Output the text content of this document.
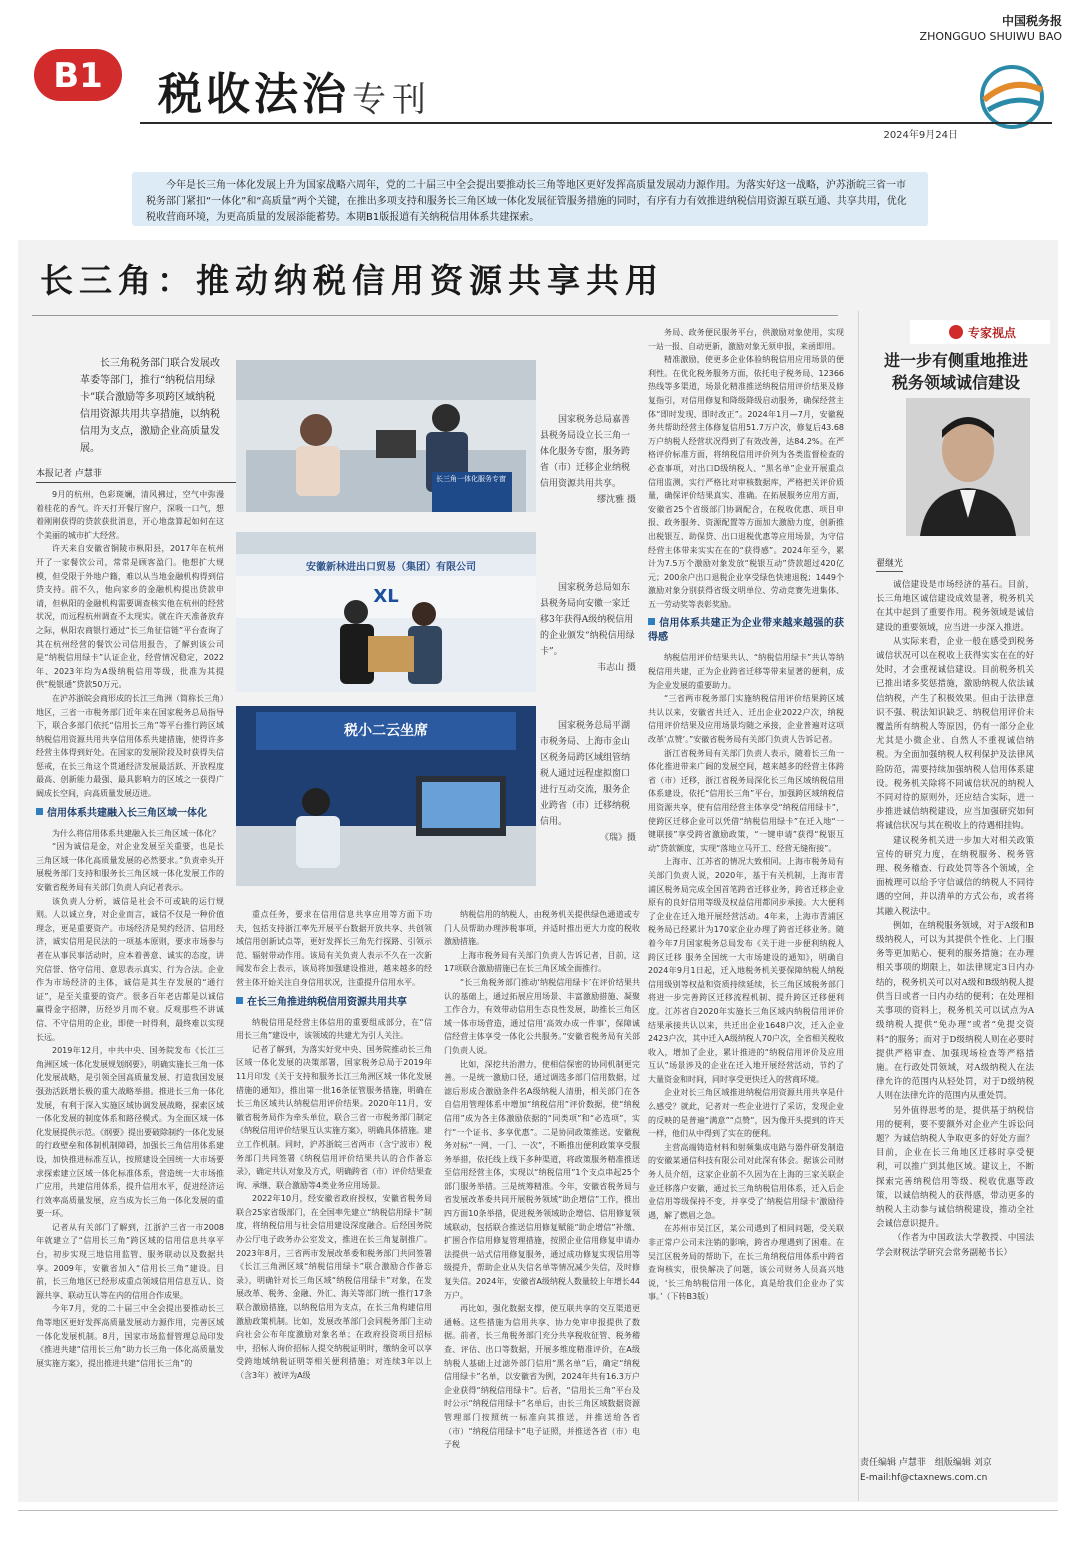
中国税务报
ZHONGGUO SHUIWU BAO
B1 税收法治 专刊
2024年9月24日
今年是长三角一体化发展上升为国家战略六周年，党的二十届三中全会提出要推动长三角等地区更好发挥高质量发展动力源作用。为落实好这一战略，沪苏浙皖三省一市税务部门紧扣“一体化”和“高质量”两个关键，在推出多项支持和服务长三角区域一体化发展征管服务措施的同时，有序有力有效推进纳税信用资源互联互通、共享共用，优化税收营商环境，为更高质量的发展添能蓄势。本期B1版报道有关纳税信用体系共建探索。
长三角：推动纳税信用资源共享共用
长三角税务部门联合发展改革委等部门，推行“纳税信用绿卡”联合激励等多项跨区域纳税信用资源共用共享措施，以纳税信用为支点，激励企业高质量发展。
本报记者 卢慧菲	长三角一体化服务专窗
国家税务总局嘉善县税务局设立长三角一体化服务专窗，服务跨省（市）迁移企业纳税信用资源共用共享。
缪沈雅 摄
XL
安徽新林进出口贸易（集团）有限公司
国家税务总局如东县税务局向安徽一家迁移3年获得A级纳税信用的企业颁发“纳税信用绿卡”。
韦志山 摄
税小二云坐席	国家税务总局平湖市税务局、上海市金山区税务局跨区域组管纳税人通过远程虚拟窗口进行互动交流，服务企业跨省（市）迁移纳税信用。
《瑞》摄

9月的杭州，色彩斑斓，清风拂过，空气中弥漫着桂花的香气。许天打开餐厅窗户，深吸一口气，想着刚刚获得的贷款获批消息，开心地盘算起如何在这个美丽的城市扩大经营。

许天来自安徽省铜陵市枞阳县，2017年在杭州开了一家餐饮公司，常常是顾客盈门。他想扩大规模，但受限于外地户籍，难以从当地金融机构得到信贷支持。前不久，他向家乡的金融机构提出贷款申请，但枞阳的金融机构需要调查核实他在杭州的经营状况，而远程杭州调查不太现实。就在许天准备放弃之际，枞阳农商银行通过“长三角征信链”平台查询了其在杭州经营的餐饮公司信用报告，了解到该公司是“纳税信用绿卡”认证企业，经营情况稳定，2022年、2023年均为A级纳税信用等级，批准为其提供“税银通”贷款50万元。

在沪苏浙皖会商形成的长江三角洲（简称长三角）地区，三省一市税务部门近年来在国家税务总局指导下，联合多部门依托“信用长三角”等平台推行跨区域纳税信用资源共用共享信用体系共建措施，使得许多经营主体得到好处。在国家的发展阶段及时获得失信惩戒，在长三角这个贯通经济发展最活跃、开放程度最高、创新能力最强、最具影响力的区域之一获得广阔成长空间，向高质量发展迈进。

信用体系共建融入长三角区域一体化

为什么将信用体系共建融入长三角区域一体化？

“因为诚信是金，对企业发展至关重要，也是长三角区域一体化高质量发展的必然要求。”负责牵头开展税务部门支持和服务长三角区域一体化发展工作的安徽省税务局有关部门负责人向记者表示。

该负责人分析，诚信是社会不可或缺的运行规则。人以诚立身，对企业而言，诚信不仅是一种价值理念，更是重要资产。市场经济是契约经济、信用经济，诚实信用是民法的一项基本原则，要求市场参与者在从事民事活动时，应本着善意、诚实的态度，讲究信誉、恪守信用、意思表示真实、行为合法。企业作为市场经济的主体，诚信是其生存发展的“通行证”，是至关重要的资产。很多百年老店都是以诚信赢得金字招牌，历经岁月而不衰。反观那些不讲诚信、不守信用的企业，即使一时得利，最终难以实现长远。

2019年12月，中共中央、国务院发布《长江三角洲区域一体化发展规划纲要》，明确实施长三角一体化发展战略，是引领全国高质量发展、打造我国发展强劲活跃增长极的重大战略举措。推进长三角一体化发展，有利于深入实施区域协调发展战略，探索区域一体化发展的制度体系和路径模式。为全面区域一体化发展提供示范。《纲要》提出要破除制约一体化发展的行政壁垒和体制机制障碍，加强长三角信用体系建设，加快推进标准互认，按照建设全国统一大市场要求探索建立区域一体化标准体系，营造统一大市场推广应用，共建信用体系，提升信用水平，促进经济运行效率高质量发展，应当成为长三角一体化发展的重要一环。

记者从有关部门了解到，江浙沪三省一市2008年就建立了“信用长三角”跨区域的信用信息共享平台，初步实现三地信用监管、服务联动以及数据共享。2009年，安徽省加入“信用长三角”建设。目前，长三角地区已经形成重点领域信用信息互认、资源共享、联动互认等在内的信用合作成果。

今年7月，党的二十届三中全会提出要推动长三角等地区更好发挥高质量发展动力源作用，完善区域一体化发展机制。8月，国家市场监督管理总局印发《推进共建“信用长三角”助力长三角一体化高质量发展实施方案》，提出推进共建“信用长三角”的

重点任务，要求在信用信息共享应用等方面下功夫，包括支持浙江率先开展平台数据开放共享、共创领域信用创新试点等，更好发挥长三角先行探路、引领示范、辐射带动作用。该局有关负责人表示不久在一次新闻发布会上表示，该局将加强建设推进，越来越多的经营主体开始关注自身信用状况，注重提升信用水平。

在长三角推进纳税信用资源共用共享

纳税信用是经营主体信用的重要组成部分，在“信用长三角”建设中，该领域的共建尤为引人关注。

记者了解到，为落实好党中央、国务院推动长三角区域一体化发展的决策部署，国家税务总局于2019年11月印发《关于支持和服务长江三角洲区域一体化发展措施的通知》，推出第一批16条征管服务措施，明确在长三角区域共认纳税信用评价结果。2020年11月，安徽省税务局作为牵头单位，联合三省一市税务部门制定《纳税信用评价结果互认实施方案》，明确具体措施。建立工作机制。同时，沪苏浙皖三省两市（含宁波市）税务部门共同签署《纳税信用评价结果共认的合作备忘录》，确定共认对象及方式，明确跨省（市）评价结果查询、承继、联合激励等4类业务应用场景。

2022年10月，经安徽省政府授权，安徽省税务局联合25家省级部门，在全国率先建立“纳税信用绿卡”制度，将纳税信用与社会信用建设深度融合。后经国务院办公厅电子政务办公室发文，推进在长三角复制推广。2023年8月，三省两市发展改革委和税务部门共同签署《长江三角洲区域“纳税信用绿卡”联合激励合作备忘录》，明确针对长三角区域“纳税信用绿卡”对象，在发展改革、税务、金融、外汇、海关等部门统一推行17条联合激励措施，以纳税信用为支点，在长三角构建信用激励政策机制。比如，发展改革部门会同税务部门主动向社会公布年度激励对象名单；在政府投资项目招标中，招标人询价招标人提交纳税证明时，缴纳金可以享受跨地域纳税证明等相关便利措施；对连续3年以上（含3年）被评为A级

纳税信用的纳税人，由税务机关提供绿色通道或专门人员帮助办理涉税事项，并适时推出更大力度的税收激励措施。

上海市税务局有关部门负责人告诉记者，目前，这17项联合激励措施已在长三角区域全面推行。

“长三角税务部门推动‘纳税信用绿卡’在评价结果共认的基础上，通过拓展应用场景、丰富激励措施、凝聚工作合力，有效带动信用生态良性发展，助推长三角区域一体市场营造，通过信用‘高效办成一件事’，保障诚信经营主体享受一体化公共服务。”安徽省税务局有关部门负责人说。

比如，深挖共治潜力，使相信保密的协同机制更完善。一是统一激励口径，通过调选多部门信用数据，过滤后形成合激励条件名A级纳税人清册，相关部门在各自信用管理体系中增加“纳税信用”评价数据，使“纳税信用”成为各主体激励依据的“同类项”和“必选项”，实行“一个证书、多享优惠”。二是协同政策推送。安徽税务对标“一网、一门、一次”，不断推出便利政策享受服务举措，依托线上线下多种渠道，将政策服务精准推送至信用经营主体，实现以“纳税信用”1个支点串起25个部门服务举措。三是统筹精准。今年，安徽省税务局与省发展改革委共同开展税务领域“助企增信”工作，推出四方面10条举措，促进税务领域助企增信、信用修复领域联动，包括联合推送信用修复赋能“助企增信”补缴、扩围合作信用修复管理措施，按照企业信用修复申请办法提供一站式信用修复服务，通过成功修复实现信用等级提升，帮助企业从失信名单等情况减少失信，及时修复失信。2024年，安徽省A级纳税人数量较上年增长44万户。

再比如，强化数据支撑，使互联共享的交互渠道更通畅。这些措施为信用共享、协力免审申报提供了数据。前者，长三角税务部门充分共享税收征管、税务稽查、评估、出口等数据，开展多维度精准评价，在A级纳税人基础上过滤外部门信用“黑名单”后，确定“纳税信用绿卡”名单，以安徽省为例，2024年共有16.3万户企业获得“纳税信用绿卡”。后者，“信用长三角”平台及时公示“纳税信用绿卡”名单后，由长三角区域数据资源管理部门按照统一标准向其推送，并推送给各省（市）“纳税信用绿卡”电子证照，并推送各省（市）电子税

务局、政务便民服务平台，供激励对象使用，实现一站一报、自动更新，激励对象无须申报，来函即用。

精准激励，使更多企业体验纳税信用应用场景的便利性。在优化税务服务方面，依托电子税务局、12366热线等多渠道，场景化精准推送纳税信用评价结果及修复指引，对信用修复和降级降级启动服务，确保经营主体“即时发现、即时改正”。2024年1月—7月，安徽税务共帮助经营主体修复信用51.7万户次，修复后43.68万户纳税人经营状况得到了有效改善，达84.2%。在严格评价标准方面，将纳税信用评价列为各类监督检查的必查事项，对出口D级纳税人、“黑名单”企业开展重点信用监测，实行严格比对审核数据库，严格把关评价质量，确保评价结果真实、准确。在拓展服务应用方面，安徽省25个省级部门协调配合，在税收优惠、项目申报、政务服务、资源配置等方面加大激励力度，创新推出税银互、助保贷、出口退税优惠等应用场景，为守信经营主体带来实实在在的“获得感”。2024年至今，累计为7.5万个激励对象发放“税银互动”贷款超过420亿元；200余户出口退税企业享受绿色快速退税；1449个激励对象分别获得省级文明单位、劳动竞赛先进集体、五一劳动奖等表彰奖励。

信用体系共建正为企业带来越来越强的获得感

纳税信用评价结果共认、“纳税信用绿卡”共认等纳税信用共建，正为企业跨省迁移等带来显著的便利，成为企业发展的重要助力。

“三省两市税务部门实施纳税信用评价结果跨区域共认以来，安徽省共迁入、迁出企业2022户次，纳税信用评价结果及应用场景均随之承接，企业普遍对这项改革‘点赞’。”安徽省税务局有关部门负责人告诉记者。

浙江省税务局有关部门负责人表示，随着长三角一体化推进带来广阔的发展空间，越来越多的经营主体跨省（市）迁移，浙江省税务局深化长三角区域纳税信用体系建设，依托“信用长三角”平台，加强跨区域纳税信用资源共享，使有信用经营主体享受“纳税信用绿卡”，使跨区迁移企业可以凭借“纳税信用绿卡”在迁入地“一键联接”享受跨省激励政策，“一键申请”获得“税银互动”贷款额度，实现“落地立马开工、经营无缝衔接”。

上海市、江苏省的情况大致相同。上海市税务局有关部门负责人说，2020年，基于有关机制，上海市青浦区税务局完成全国首笔跨省迁移业务，跨省迁移企业原有的良好信用等级及权益信用都同步承接。大大便利了企业在迁入地开展经营活动。4年来，上海市青浦区税务局已经累计为170家企业办理了跨省迁移业务。随着今年7月国家税务总局发布《关于进一步便利纳税人跨区迁移 服务全国统一大市场建设的通知》，明确自2024年9月1日起，迁入地税务机关要保障纳税人纳税信用级别等权益和资质持续延续，长三角区域税务部门将进一步完善跨区迁移流程机制、提升跨区迁移便利度。江苏省自2020年实施长三角区域内纳税信用评价结果承接共认以来，共迁出企业1648户次，迁入企业2423户次，其中迁入A级纳税人70户次，全省相关税收收入，增加了企业，累计推进的“纳税信用评价及应用互认”场景涉及的企业在迁入地开展经营活动，节约了大量资金和时间，同时享受更快迁入的营商环境。

企业对长三角区域推进纳税信用资源共用共享是什么感受？就此，记者对一些企业进行了采访，发现企业的反映的是普遍“满意”“点赞”，因为像开头提到的许天一样，他们从中得到了实在的便利。

主营高端铸造材料和射频集成电路与器件研发制造的安徽某通信科技有限公司对此深有体会。据该公司财务人员介绍，这家企业前不久因为在上海的三家关联企业迁移落户安徽，通过长三角纳税信用体系，迁入后企业信用等级保持不变，并享受了‘纳税信用绿卡’激励待遇，解了燃眉之急。

在苏州市吴江区，某公司遇到了相同问题，受关联非正常户公司未注销的影响，跨省办理遇到了困难。在吴江区税务局的帮助下，在长三角纳税信用体系中跨省查询核实，很快解决了问题，该公司财务人员高兴地说，‘长三角纳税信用一体化，真是给我们企业办了实事。’（下转B3版）

专家视点
进一步有侧重地推进
税务领域诚信建设
翟继光

诚信建设是市场经济的基石。目前，长三角地区诚信建设成效显著，税务机关在其中起到了重要作用。税务领域是诚信建设的重要领域，应当进一步深入推进。

从实际来看，企业一般在感受到税务诚信状况可以在税收上获得实实在在的好处时，才会重视诚信建设。目前税务机关已推出诸多奖惩措施，激励纳税人依法诚信纳税，产生了积极效果。但由于法律意识不强、税法知识缺乏、纳税信用评价未覆盖所有纳税人等原因，仍有一部分企业尤其是小微企业、自然人不重视诚信纳税。为全面加强纳税人权利保护及法律风险防范，需要持续加强纳税人信用体系建设。税务机关除将不同诚信状况的纳税人不同对待的原则外，还应结合实际，进一步推进诚信纳税建设，应当加强研究如何将诚信状况与其在税收上的待遇相挂钩。

建议税务机关进一步加大对相关政策宣传的研究力度，在纳税服务、税务管理、税务稽查、行政处罚等各个领域，全面梳理可以给予守信诚信的纳税人不同待遇的空间，并以清单的方式公布，或者将其融入税法中。

例如，在纳税服务领域，对于A级和B级纳税人，可以为其提供个性化、上门服务等更加贴心、便利的服务措施；在办理相关事项的期限上，如法律规定3日内办结的，税务机关可以对A级和B级纳税人提供当日或者一日内办结的便利；在处理相关事项的资料上，税务机关可以试点为A级纳税人提供“免办理”或者“免提交资料”的服务；而对于D级纳税人则在必要时提供严格审查、加强现场检查等严格措施。在行政处罚领域，对A级纳税人在法律允许的范围内从轻处罚，对于D级纳税人则在法律允许的范围内从重处罚。

另外值得思考的是，提供基于纳税信用的便利，要不要额外对企业产生诉讼问题？为诚信纳税人争取更多的好处方面？目前，企业在长三角地区迁移时享受便利，可以推广到其他区域。建议上，不断探索完善纳税信用等级、税收优惠等政策，以诚信纳税人的获得感，带动更多的纳税人主动参与诚信纳税建设，推动全社会诚信意识提升。

（作者为中国政法大学教授、中国法学会财税法学研究会常务副秘书长）

责任编辑 卢慧菲　组版编辑 刘京
E-mail:hf@ctaxnews.com.cn
